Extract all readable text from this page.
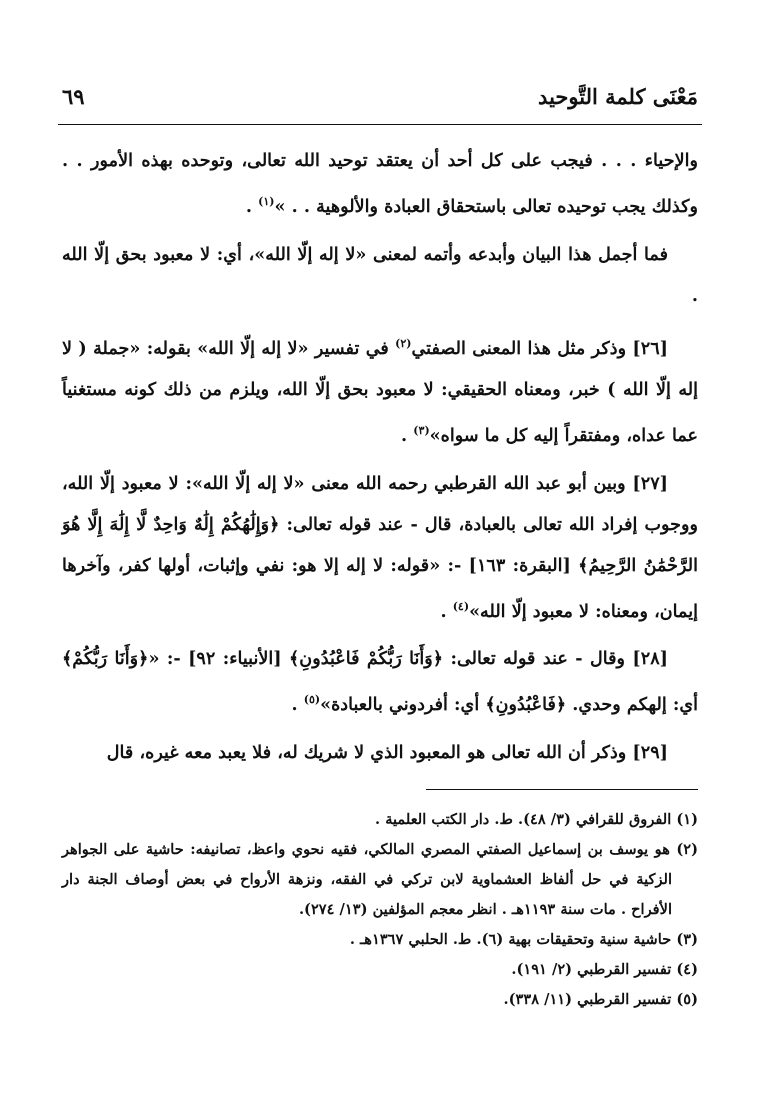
مَعْنَى كلمة التَّوحيد
٦٩

والإحياء . . . فيجب على كل أحد أن يعتقد توحيد الله تعالى، وتوحده بهذه الأمور . . وكذلك يجب توحيده تعالى باستحقاق العبادة والألوهية . . »$^{(١)}$ .

فما أجمل هذا البيان وأبدعه وأتمه لمعنى «لا إله إلّا الله»، أي: لا معبود بحق إلّا الله .

[٢٦] وذكر مثل هذا المعنى الصفتي$^{(٢)}$ في تفسير «لا إله إلّا الله» بقوله: «جملة ( لا إله إلّا الله ) خبر، ومعناه الحقيقي: لا معبود بحق إلّا الله، ويلزم من ذلك كونه مستغنياً عما عداه، ومفتقراً إليه كل ما سواه»$^{(٣)}$ .

[٢٧] وبين أبو عبد الله القرطبي رحمه الله معنى «لا إله إلّا الله»: لا معبود إلّا الله، ووجوب إفراد الله تعالى بالعبادة، قال - عند قوله تعالى: ﴿وَإِلَٰهُكُمْ إِلَٰهٌ وَاحِدٌ لَّا إِلَٰهَ إِلَّا هُوَ الرَّحْمَٰنُ الرَّحِيمُ﴾ [البقرة: ١٦٣] -: «قوله: لا إله إلا هو: نفي وإثبات، أولها كفر، وآخرها إيمان، ومعناه: لا معبود إلّا الله»$^{(٤)}$ .

[٢٨] وقال - عند قوله تعالى: ﴿وَأَنَا رَبُّكُمْ فَاعْبُدُونِ﴾ [الأنبياء: ٩٢] -: «﴿وَأَنَا رَبُّكُمْ﴾ أي: إلهكم وحدي. ﴿فَاعْبُدُونِ﴾ أي: أفردوني بالعبادة»$^{(٥)}$ .

[٢٩] وذكر أن الله تعالى هو المعبود الذي لا شريك له، فلا يعبد معه غيره، قال

(١) الفروق للقرافي (٣/ ٤٨). ط. دار الكتب العلمية .

(٢) هو يوسف بن إسماعيل الصفتي المصري المالكي، فقيه نحوي واعظ، تصانيفه: حاشية على الجواهر الزكية في حل ألفاظ العشماوية لابن تركي في الفقه، ونزهة الأرواح في بعض أوصاف الجنة دار الأفراح . مات سنة ١١٩٣هـ . انظر معجم المؤلفين (١٣/ ٢٧٤).

(٣) حاشية سنية وتحقيقات بهية (٦). ط. الحلبي ١٣٦٧هـ .

(٤) تفسير القرطبي (٢/ ١٩١).

(٥) تفسير القرطبي (١١/ ٣٣٨).
